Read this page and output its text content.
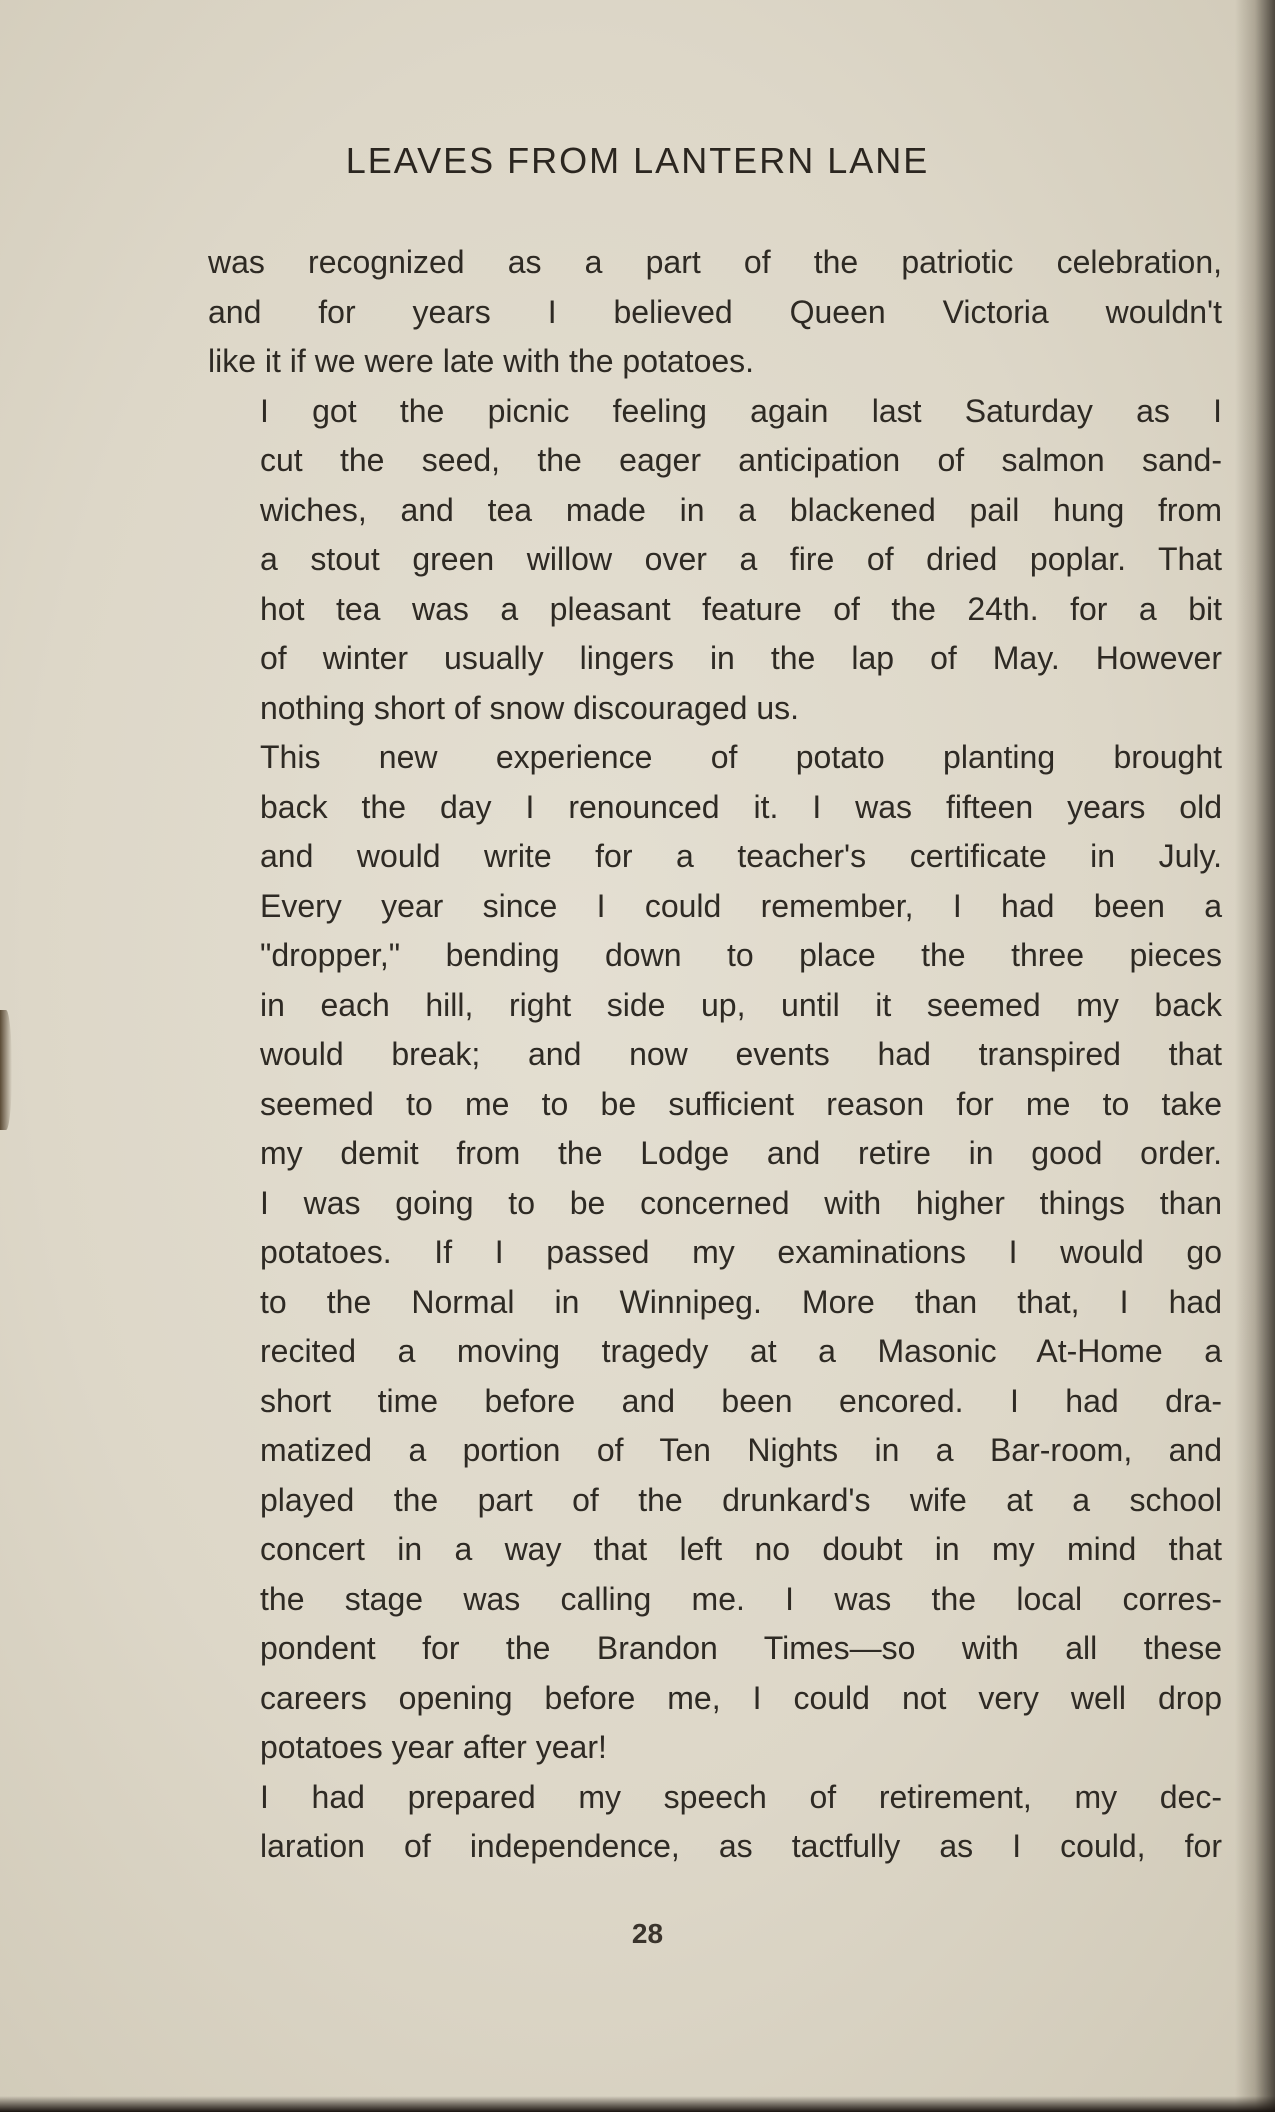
LEAVES FROM LANTERN LANE
was recognized as a part of the patriotic celebration,
and for years I believed Queen Victoria wouldn't
like it if we were late with the potatoes.
I got the picnic feeling again last Saturday as I
cut the seed, the eager anticipation of salmon sand-
wiches, and tea made in a blackened pail hung from
a stout green willow over a fire of dried poplar. That
hot tea was a pleasant feature of the 24th. for a bit
of winter usually lingers in the lap of May. However
nothing short of snow discouraged us.
This new experience of potato planting brought
back the day I renounced it. I was fifteen years old
and would write for a teacher's certificate in July.
Every year since I could remember, I had been a
"dropper," bending down to place the three pieces
in each hill, right side up, until it seemed my back
would break; and now events had transpired that
seemed to me to be sufficient reason for me to take
my demit from the Lodge and retire in good order.
I was going to be concerned with higher things than
potatoes. If I passed my examinations I would go
to the Normal in Winnipeg. More than that, I had
recited a moving tragedy at a Masonic At-Home a
short time before and been encored. I had dra-
matized a portion of Ten Nights in a Bar-room, and
played the part of the drunkard's wife at a school
concert in a way that left no doubt in my mind that
the stage was calling me. I was the local corres-
pondent for the Brandon Times—so with all these
careers opening before me, I could not very well drop
potatoes year after year!
I had prepared my speech of retirement, my dec-
laration of independence, as tactfully as I could, for
28
